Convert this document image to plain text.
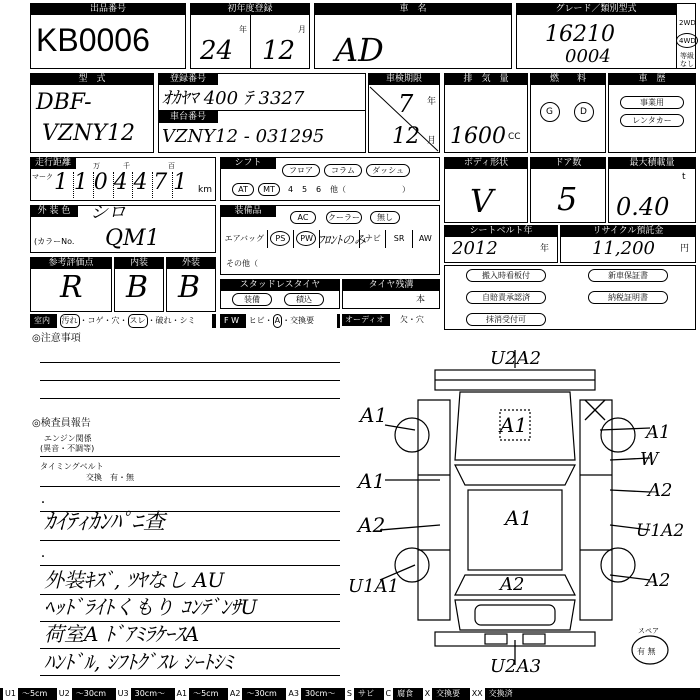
出品番号
KB0006
初年度登録
年	月
24 12
車　名
AD
グレード／類別型式
16210
0004
2WD
4WD
等級なし
型　式
DBF-
VZNY12
登録番号
ｵｶﾔﾏ 400 ﾃ 3327
車台番号
VZNY12 - 031295
車検期限
7 年
12 月
排　気　量
1600 CC
燃　　料
G	D
車　歴
事業用
レンタカー
走行距離
マーク
万	千	百
1 1 0 4 4 7 1	km
シフト
フロア	コラム	ダッシュ
AT	MT	4 5 6 他（	）
ボディ形状
V
ドア数
5
最大積載量
t
0.40
外 装 色	シロ
(カラーNo. QM1
装備品
AC	クーラー	無し
エアバッグ	PS	PW	ナビ	SR	AW
ﾌﾛﾝﾄのみ
その他（
シートベルト年
2012	年
リサイクル預託金
11,200	円
参考評価点
R
内装
B
外装
B	スタッドレスタイヤ
装備	積込
タイヤ残溝
本
搬入時看板付	新車保証書
自賠責承認済	納税証明書
抹消受付可
室内 汚れ ・コゲ・穴・ スレ ・破れ・シミ	F W ヒビ・ A ・交換要	オーディオ 欠・穴
◎注意事項
◎検査員報告
エンジン関係
(異音・不調等)
タイミングベルト
交換　有・無
・
ｶｲﾃｨｶﾝﾊﾟﾆ查
・
外装ｷｽﾞ, ﾂﾔなし AU
ﾍｯﾄﾞﾗｲﾄくもり ｺﾝﾃﾞﾝｻU
荷室A ﾄﾞｱﾐﾗｹｰｽA
ﾊﾝﾄﾞﾙ, ｼﾌﾄｸﾞｽﾚ ｼｰﾄｼﾐ
U2A2
A1
A1
A1
A1
A2
U1A1
A1
W
A2
U1A2
A2
A2
U2A3
スペア
有 無
U1 ～5cm U2 ～30cm U3 30cm～ A1 ～5cm A2 ～30cm A3 30cm～ S サビ C 腐食 X 交換要 XX 交換済
